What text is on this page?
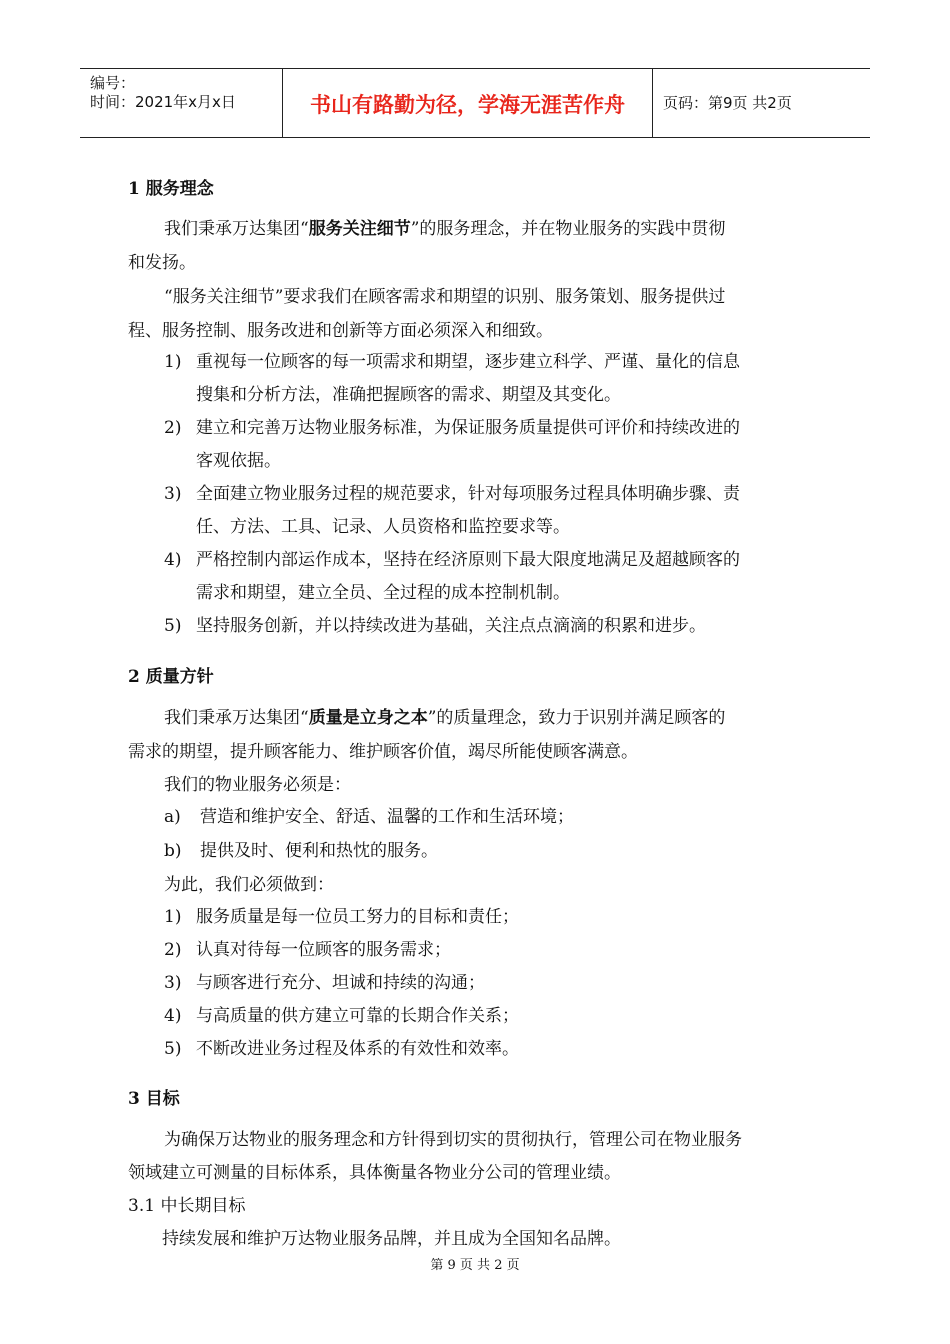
编号：
时间：2021年x月x日	书山有路勤为径，学海无涯苦作舟	页码：第9页 共2页
1 服务理念
我们秉承万达集团“服务关注细节”的服务理念，并在物业服务的实践中贯彻
和发扬。
“服务关注细节”要求我们在顾客需求和期望的识别、服务策划、服务提供过
程、服务控制、服务改进和创新等方面必须深入和细致。
1) 重视每一位顾客的每一项需求和期望，逐步建立科学、严谨、量化的信息
搜集和分析方法，准确把握顾客的需求、期望及其变化。
2) 建立和完善万达物业服务标准，为保证服务质量提供可评价和持续改进的
客观依据。
3) 全面建立物业服务过程的规范要求，针对每项服务过程具体明确步骤、责
任、方法、工具、记录、人员资格和监控要求等。
4) 严格控制内部运作成本，坚持在经济原则下最大限度地满足及超越顾客的
需求和期望，建立全员、全过程的成本控制机制。
5) 坚持服务创新，并以持续改进为基础，关注点点滴滴的积累和进步。
2 质量方针
我们秉承万达集团“质量是立身之本”的质量理念，致力于识别并满足顾客的
需求的期望，提升顾客能力、维护顾客价值，竭尽所能使顾客满意。
我们的物业服务必须是：
a) 营造和维护安全、舒适、温馨的工作和生活环境；
b) 提供及时、便利和热忱的服务。
为此，我们必须做到：
1) 服务质量是每一位员工努力的目标和责任；
2) 认真对待每一位顾客的服务需求；
3) 与顾客进行充分、坦诚和持续的沟通；
4) 与高质量的供方建立可靠的长期合作关系；
5) 不断改进业务过程及体系的有效性和效率。
3 目标
为确保万达物业的服务理念和方针得到切实的贯彻执行，管理公司在物业服务
领域建立可测量的目标体系，具体衡量各物业分公司的管理业绩。
3.1 中长期目标
持续发展和维护万达物业服务品牌，并且成为全国知名品牌。
第 9 页 共 2 页
